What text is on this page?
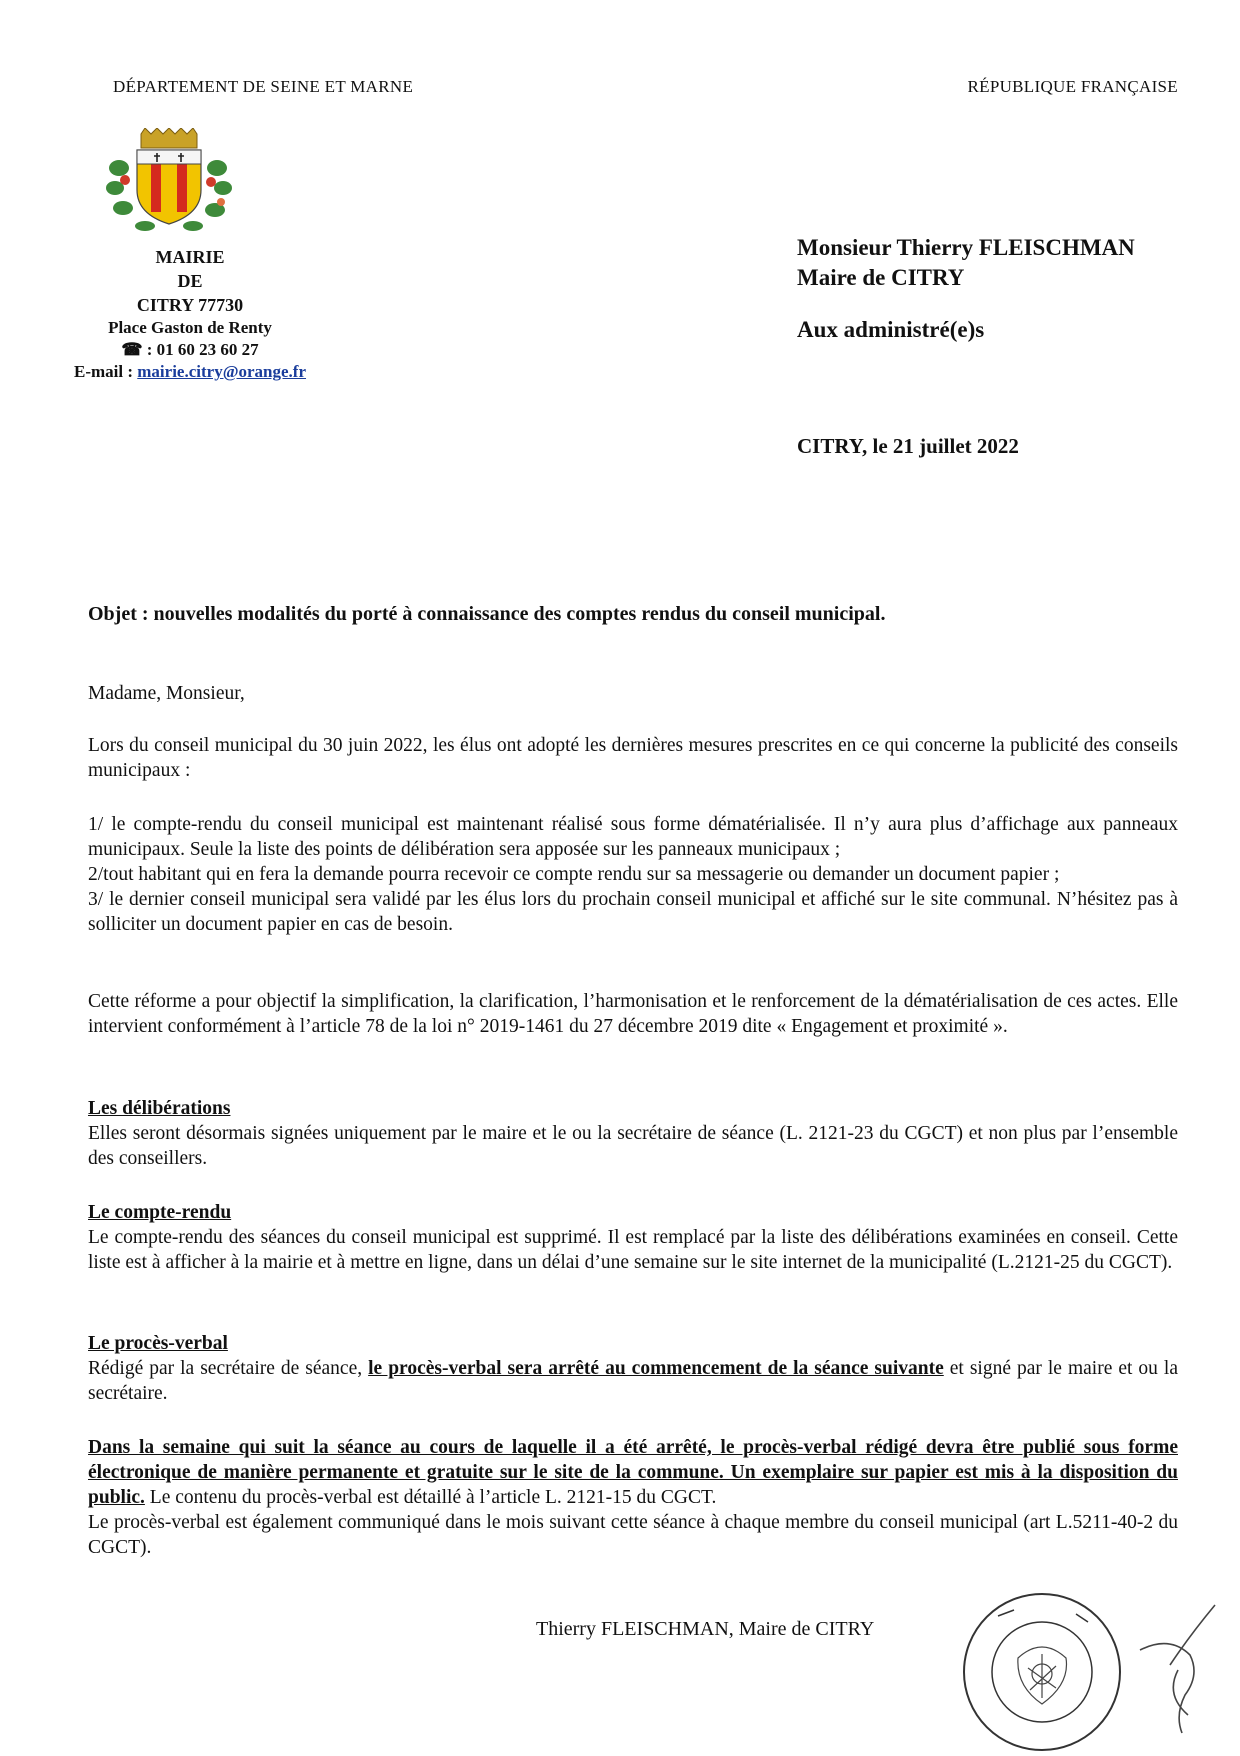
DÉPARTEMENT DE SEINE ET MARNE	RÉPUBLIQUE FRANÇAISE
MAIRIE
DE
CITRY 77730
Place Gaston de Renty
☎ : 01 60 23 60 27
E-mail : mairie.citry@orange.fr
Monsieur Thierry FLEISCHMAN
Maire de CITRY
Aux administré(e)s
CITRY, le 21 juillet 2022
Objet : nouvelles modalités du porté à connaissance des comptes rendus du conseil municipal.
Madame, Monsieur,
Lors du conseil municipal du 30 juin 2022, les élus ont adopté les dernières mesures prescrites en ce qui concerne la publicité des conseils municipaux :

1/ le compte-rendu du conseil municipal est maintenant réalisé sous forme dématérialisée. Il n’y aura plus d’affichage aux panneaux municipaux. Seule la liste des points de délibération sera apposée sur les panneaux municipaux ;

2/tout habitant qui en fera la demande pourra recevoir ce compte rendu sur sa messagerie ou demander un document papier ;

3/ le dernier conseil municipal sera validé par les élus lors du prochain conseil municipal et affiché sur le site communal. N’hésitez pas à solliciter un document papier en cas de besoin.

Cette réforme a pour objectif la simplification, la clarification, l’harmonisation et le renforcement de la dématérialisation de ces actes. Elle intervient conformément à l’article 78 de la loi n° 2019-1461 du 27 décembre 2019 dite « Engagement et proximité ».

Les délibérations

Elles seront désormais signées uniquement par le maire et le ou la secrétaire de séance (L. 2121-23 du CGCT) et non plus par l’ensemble des conseillers.

Le compte-rendu

Le compte-rendu des séances du conseil municipal est supprimé. Il est remplacé par la liste des délibérations examinées en conseil. Cette liste est à afficher à la mairie et à mettre en ligne, dans un délai d’une semaine sur le site internet de la municipalité (L.2121-25 du CGCT).

Le procès-verbal

Rédigé par la secrétaire de séance, le procès-verbal sera arrêté au commencement de la séance suivante et signé par le maire et ou la secrétaire.

Dans la semaine qui suit la séance au cours de laquelle il a été arrêté, le procès-verbal rédigé devra être publié sous forme électronique de manière permanente et gratuite sur le site de la commune. Un exemplaire sur papier est mis à la disposition du public. Le contenu du procès-verbal est détaillé à l’article L. 2121-15 du CGCT.

Le procès-verbal est également communiqué dans le mois suivant cette séance à chaque membre du conseil municipal (art L.5211-40-2 du CGCT).

Thierry FLEISCHMAN, Maire de CITRY
